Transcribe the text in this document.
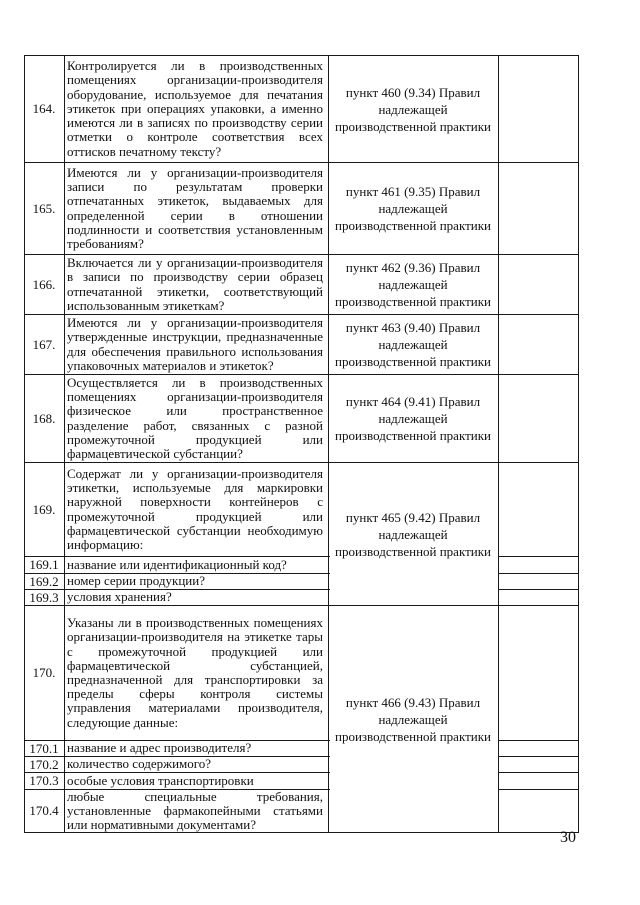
164.
Контролируется ли в производственных помещениях организации-производителя оборудование, используемое для печатания этикеток при операциях упаковки, а именно имеются ли в записях по производству серии отметки о контроле соответствия всех оттисков печатному тексту?
пункт 460 (9.34) Правил надлежащей производственной практики
165.
Имеются ли у организации-производителя записи по результатам проверки отпечатанных этикеток, выдаваемых для определенной серии в отношении подлинности и соответствия установленным требованиям?
пункт 461 (9.35) Правил надлежащей производственной практики
166.
Включается ли у организации-производителя в записи по производству серии образец отпечатанной этикетки, соответствующий использованным этикеткам?
пункт 462 (9.36) Правил надлежащей производственной практики
167.
Имеются ли у организации-производителя утвержденные инструкции, предназначенные для обеспечения правильного использования упаковочных материалов и этикеток?
пункт 463 (9.40) Правил надлежащей производственной практики
168.
Осуществляется ли в производственных помещениях организации-производителя физическое или пространственное разделение работ, связанных с разной промежуточной продукцией или фармацевтической субстанции?
пункт 464 (9.41) Правил надлежащей производственной практики
169.
Содержат ли у организации-производителя этикетки, используемые для маркировки наружной поверхности контейнеров с промежуточной продукцией или фармацевтической субстанции необходимую информацию:
169.1 название или идентификационный код?
169.2 номер серии продукции?
169.3 условия хранения?
пункт 465 (9.42) Правил надлежащей производственной практики
170.
Указаны ли в производственных помещениях организации-производителя на этикетке тары с промежуточной продукцией или фармацевтической субстанцией, предназначенной для транспортировки за пределы сферы контроля системы управления материалами производителя, следующие данные:
170.1 название и адрес производителя?
170.2 количество содержимого?
170.3 особые условия транспортировки
170.4
любые специальные требования, установленные фармакопейными статьями или нормативными документами?
пункт 466 (9.43) Правил надлежащей производственной практики
30
